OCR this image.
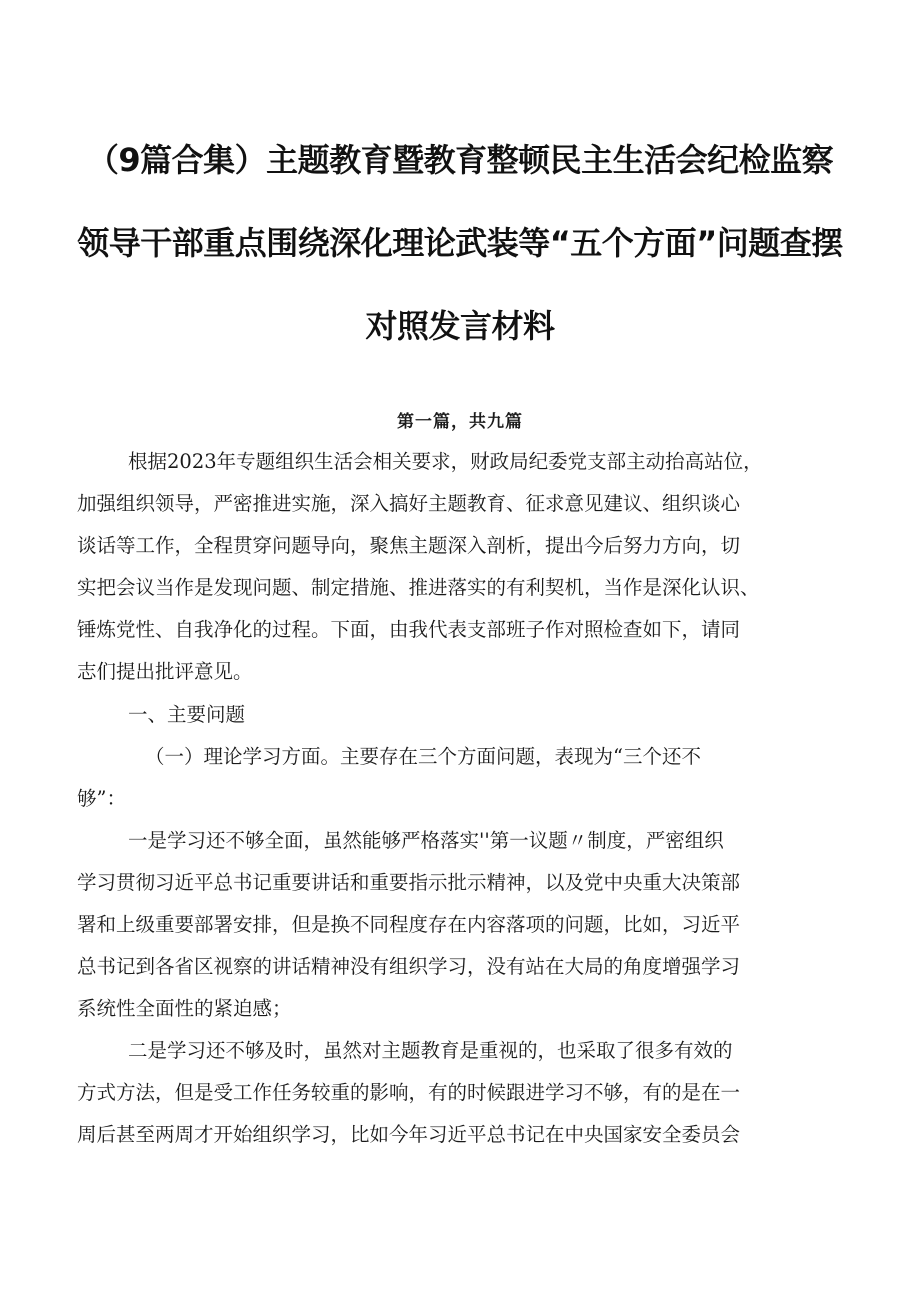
（9篇合集）主题教育暨教育整顿民主生活会纪检监察
领导干部重点围绕深化理论武装等“五个方面”问题查摆
对照发言材料
第一篇，共九篇
根据2023年专题组织生活会相关要求，财政局纪委党支部主动抬高站位，
加强组织领导，严密推进实施，深入搞好主题教育、征求意见建议、组织谈心
谈话等工作，全程贯穿问题导向，聚焦主题深入剖析，提出今后努力方向，切
实把会议当作是发现问题、制定措施、推进落实的有利契机，当作是深化认识、
锤炼党性、自我净化的过程。下面，由我代表支部班子作对照检查如下，请同
志们提出批评意见。
一、主要问题
（一）理论学习方面。主要存在三个方面问题，表现为“三个还不
够”：
一是学习还不够全面，虽然能够严格落实''第一议题〃制度，严密组织
学习贯彻习近平总书记重要讲话和重要指示批示精神，以及党中央重大决策部
署和上级重要部署安排，但是换不同程度存在内容落项的问题，比如，习近平
总书记到各省区视察的讲话精神没有组织学习，没有站在大局的角度增强学习
系统性全面性的紧迫感；
二是学习还不够及时，虽然对主题教育是重视的，也采取了很多有效的
方式方法，但是受工作任务较重的影响，有的时候跟进学习不够，有的是在一
周后甚至两周才开始组织学习，比如今年习近平总书记在中央国家安全委员会
